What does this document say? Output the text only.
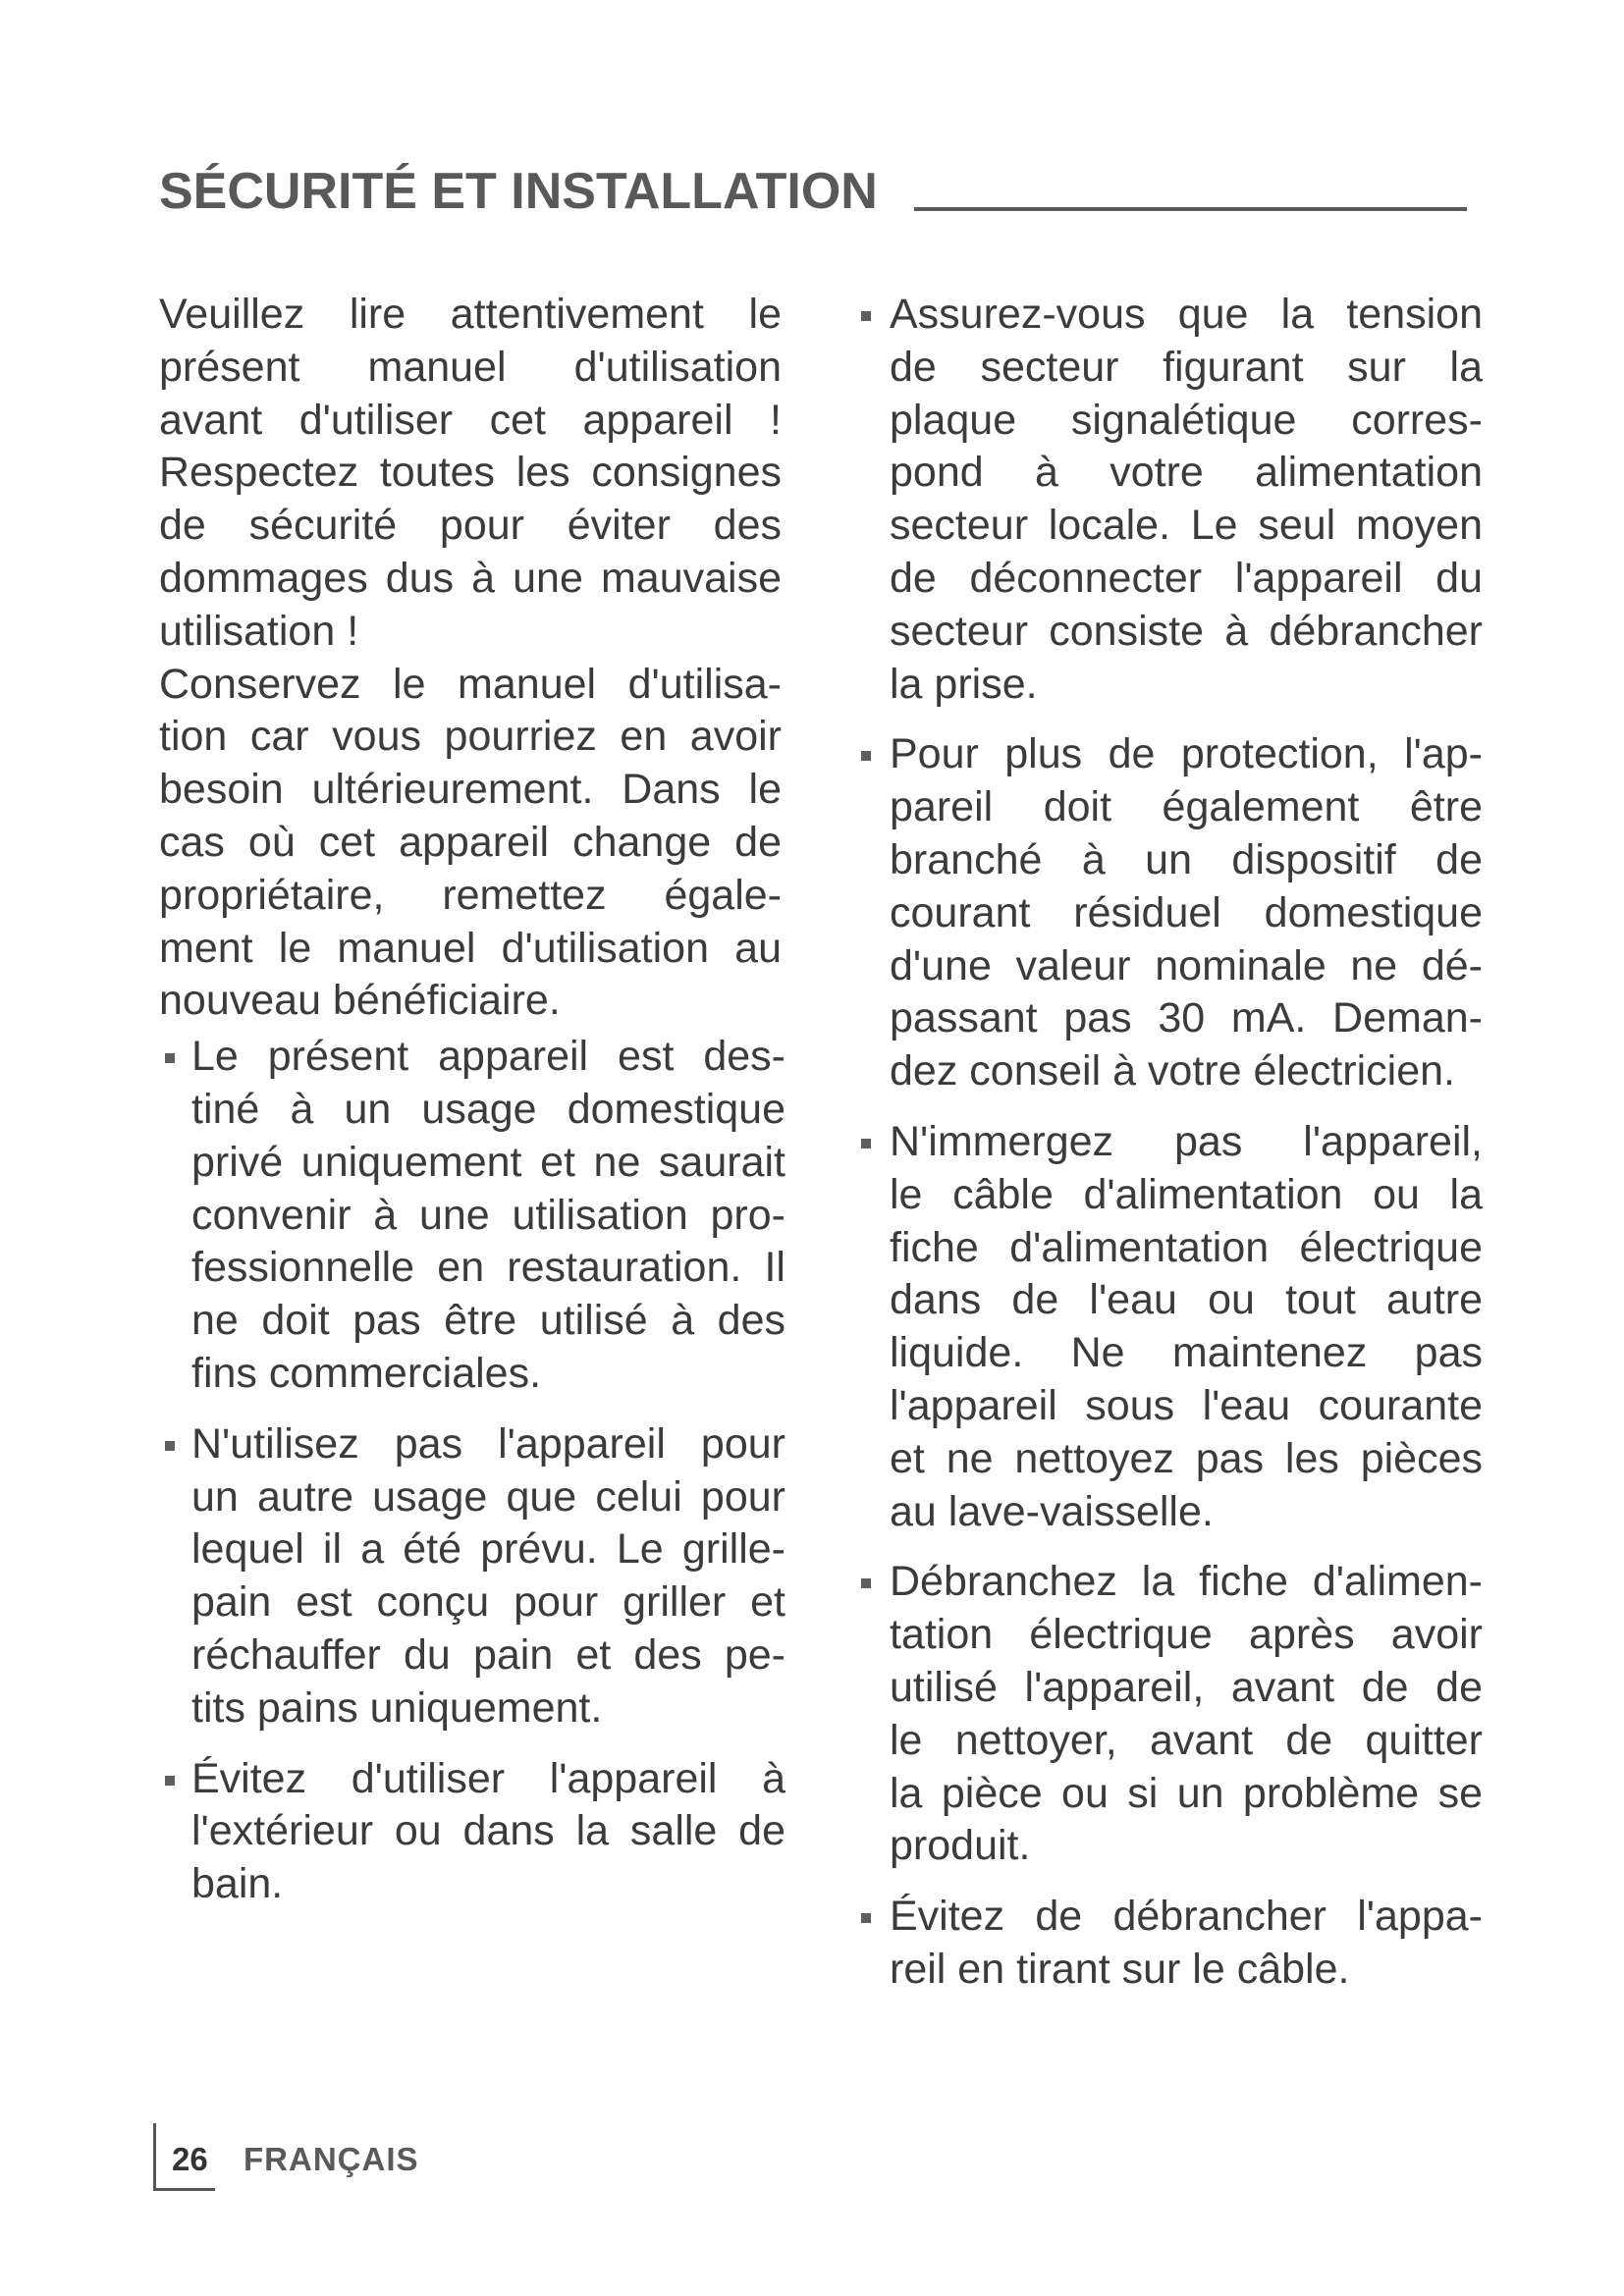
SÉCURITÉ ET INSTALLATION
Veuillez lire attentivement le
présent manuel d'utilisation
avant d'utiliser cet appareil !
Respectez toutes les consignes
de sécurité pour éviter des
dommages dus à une mauvaise
utilisation !
Conservez le manuel d'utilisa-
tion car vous pourriez en avoir
besoin ultérieurement. Dans le
cas où cet appareil change de
propriétaire, remettez égale-
ment le manuel d'utilisation au
nouveau bénéficiaire.
Le présent appareil est des-
tiné à un usage domestique
privé uniquement et ne saurait
convenir à une utilisation pro-
fessionnelle en restauration. Il
ne doit pas être utilisé à des
fins commerciales.
N'utilisez pas l'appareil pour
un autre usage que celui pour
lequel il a été prévu. Le grille-
pain est conçu pour griller et
réchauffer du pain et des pe-
tits pains uniquement.
Évitez d'utiliser l'appareil à
l'extérieur ou dans la salle de
bain.
Assurez-vous que la tension
de secteur figurant sur la
plaque signalétique corres-
pond à votre alimentation
secteur locale. Le seul moyen
de déconnecter l'appareil du
secteur consiste à débrancher
la prise.
Pour plus de protection, l'ap-
pareil doit également être
branché à un dispositif de
courant résiduel domestique
d'une valeur nominale ne dé-
passant pas 30 mA. Deman-
dez conseil à votre électricien.
N'immergez pas l'appareil,
le câble d'alimentation ou la
fiche d'alimentation électrique
dans de l'eau ou tout autre
liquide. Ne maintenez pas
l'appareil sous l'eau courante
et ne nettoyez pas les pièces
au lave-vaisselle.
Débranchez la fiche d'alimen-
tation électrique après avoir
utilisé l'appareil, avant de de
le nettoyer, avant de quitter
la pièce ou si un problème se
produit.
Évitez de débrancher l'appa-
reil en tirant sur le câble.
26 FRANÇAIS
